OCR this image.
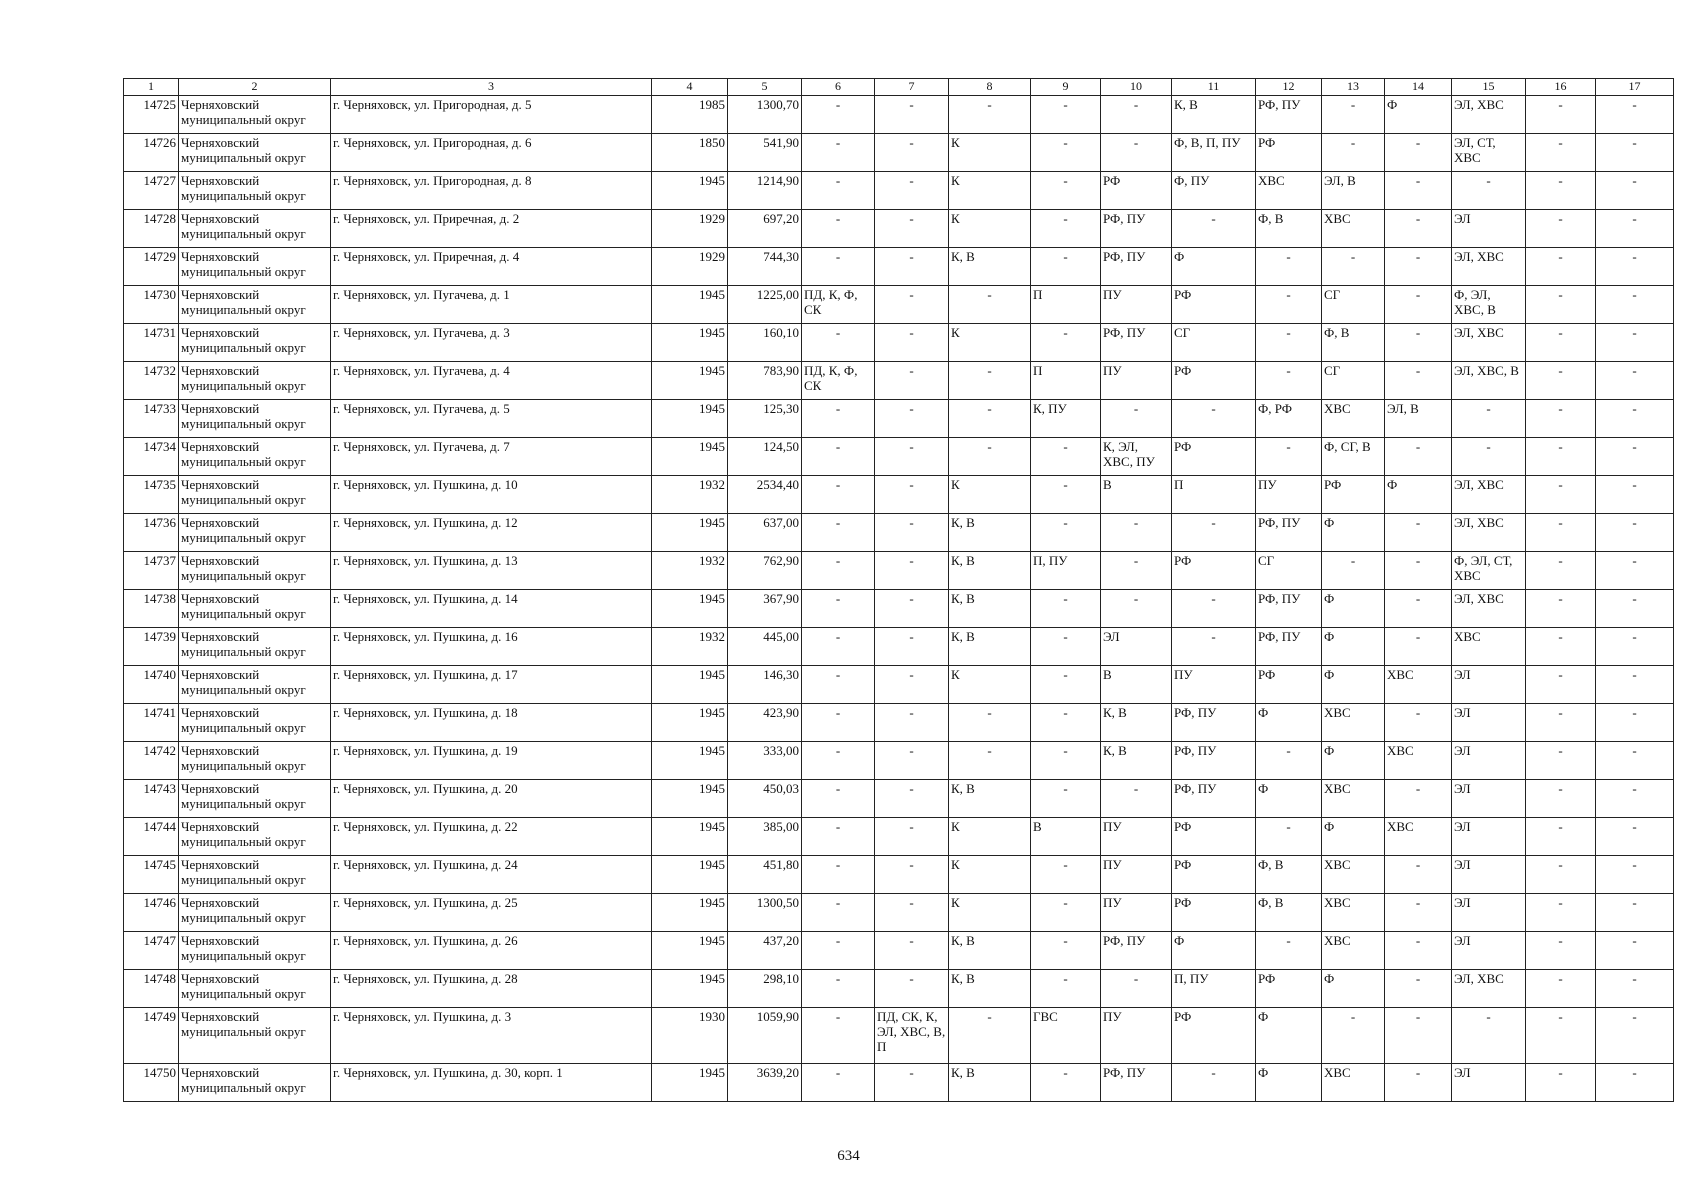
1	2	3	4	5	6	7	8	9	10	11	12	13	14	15	16	17
14725	Черняховский муниципальный округ	г. Черняховск, ул. Пригородная, д. 5	1985	1300,70	-	-	-	-	-	К, В	РФ, ПУ	-	Ф	ЭЛ, ХВС	-	-
14726	Черняховский муниципальный округ	г. Черняховск, ул. Пригородная, д. 6	1850	541,90	-	-	К	-	-	Ф, В, П, ПУ	РФ	-	-	ЭЛ, СТ, ХВС	-	-
14727	Черняховский муниципальный округ	г. Черняховск, ул. Пригородная, д. 8	1945	1214,90	-	-	К	-	РФ	Ф, ПУ	ХВС	ЭЛ, В	-	-	-	-
14728	Черняховский муниципальный округ	г. Черняховск, ул. Приречная, д. 2	1929	697,20	-	-	К	-	РФ, ПУ	-	Ф, В	ХВС	-	ЭЛ	-	-
14729	Черняховский муниципальный округ	г. Черняховск, ул. Приречная, д. 4	1929	744,30	-	-	К, В	-	РФ, ПУ	Ф	-	-	-	ЭЛ, ХВС	-	-
14730	Черняховский муниципальный округ	г. Черняховск, ул. Пугачева, д. 1	1945	1225,00	ПД, К, Ф, СК	-	-	П	ПУ	РФ	-	СГ	-	Ф, ЭЛ, ХВС, В	-	-
14731	Черняховский муниципальный округ	г. Черняховск, ул. Пугачева, д. 3	1945	160,10	-	-	К	-	РФ, ПУ	СГ	-	Ф, В	-	ЭЛ, ХВС	-	-
14732	Черняховский муниципальный округ	г. Черняховск, ул. Пугачева, д. 4	1945	783,90	ПД, К, Ф, СК	-	-	П	ПУ	РФ	-	СГ	-	ЭЛ, ХВС, В	-	-
14733	Черняховский муниципальный округ	г. Черняховск, ул. Пугачева, д. 5	1945	125,30	-	-	-	К, ПУ	-	-	Ф, РФ	ХВС	ЭЛ, В	-	-	-
14734	Черняховский муниципальный округ	г. Черняховск, ул. Пугачева, д. 7	1945	124,50	-	-	-	-	К, ЭЛ, ХВС, ПУ	РФ	-	Ф, СГ, В	-	-	-	-
14735	Черняховский муниципальный округ	г. Черняховск, ул. Пушкина, д. 10	1932	2534,40	-	-	К	-	В	П	ПУ	РФ	Ф	ЭЛ, ХВС	-	-
14736	Черняховский муниципальный округ	г. Черняховск, ул. Пушкина, д. 12	1945	637,00	-	-	К, В	-	-	-	РФ, ПУ	Ф	-	ЭЛ, ХВС	-	-
14737	Черняховский муниципальный округ	г. Черняховск, ул. Пушкина, д. 13	1932	762,90	-	-	К, В	П, ПУ	-	РФ	СГ	-	-	Ф, ЭЛ, СТ, ХВС	-	-
14738	Черняховский муниципальный округ	г. Черняховск, ул. Пушкина, д. 14	1945	367,90	-	-	К, В	-	-	-	РФ, ПУ	Ф	-	ЭЛ, ХВС	-	-
14739	Черняховский муниципальный округ	г. Черняховск, ул. Пушкина, д. 16	1932	445,00	-	-	К, В	-	ЭЛ	-	РФ, ПУ	Ф	-	ХВС	-	-
14740	Черняховский муниципальный округ	г. Черняховск, ул. Пушкина, д. 17	1945	146,30	-	-	К	-	В	ПУ	РФ	Ф	ХВС	ЭЛ	-	-
14741	Черняховский муниципальный округ	г. Черняховск, ул. Пушкина, д. 18	1945	423,90	-	-	-	-	К, В	РФ, ПУ	Ф	ХВС	-	ЭЛ	-	-
14742	Черняховский муниципальный округ	г. Черняховск, ул. Пушкина, д. 19	1945	333,00	-	-	-	-	К, В	РФ, ПУ	-	Ф	ХВС	ЭЛ	-	-
14743	Черняховский муниципальный округ	г. Черняховск, ул. Пушкина, д. 20	1945	450,03	-	-	К, В	-	-	РФ, ПУ	Ф	ХВС	-	ЭЛ	-	-
14744	Черняховский муниципальный округ	г. Черняховск, ул. Пушкина, д. 22	1945	385,00	-	-	К	В	ПУ	РФ	-	Ф	ХВС	ЭЛ	-	-
14745	Черняховский муниципальный округ	г. Черняховск, ул. Пушкина, д. 24	1945	451,80	-	-	К	-	ПУ	РФ	Ф, В	ХВС	-	ЭЛ	-	-
14746	Черняховский муниципальный округ	г. Черняховск, ул. Пушкина, д. 25	1945	1300,50	-	-	К	-	ПУ	РФ	Ф, В	ХВС	-	ЭЛ	-	-
14747	Черняховский муниципальный округ	г. Черняховск, ул. Пушкина, д. 26	1945	437,20	-	-	К, В	-	РФ, ПУ	Ф	-	ХВС	-	ЭЛ	-	-
14748	Черняховский муниципальный округ	г. Черняховск, ул. Пушкина, д. 28	1945	298,10	-	-	К, В	-	-	П, ПУ	РФ	Ф	-	ЭЛ, ХВС	-	-
14749	Черняховский муниципальный округ	г. Черняховск, ул. Пушкина, д. 3	1930	1059,90	-	ПД, СК, К, ЭЛ, ХВС, В, П	-	ГВС	ПУ	РФ	Ф	-	-	-	-	-
14750	Черняховский муниципальный округ	г. Черняховск, ул. Пушкина, д. 30, корп. 1	1945	3639,20	-	-	К, В	-	РФ, ПУ	-	Ф	ХВС	-	ЭЛ	-	-
634
